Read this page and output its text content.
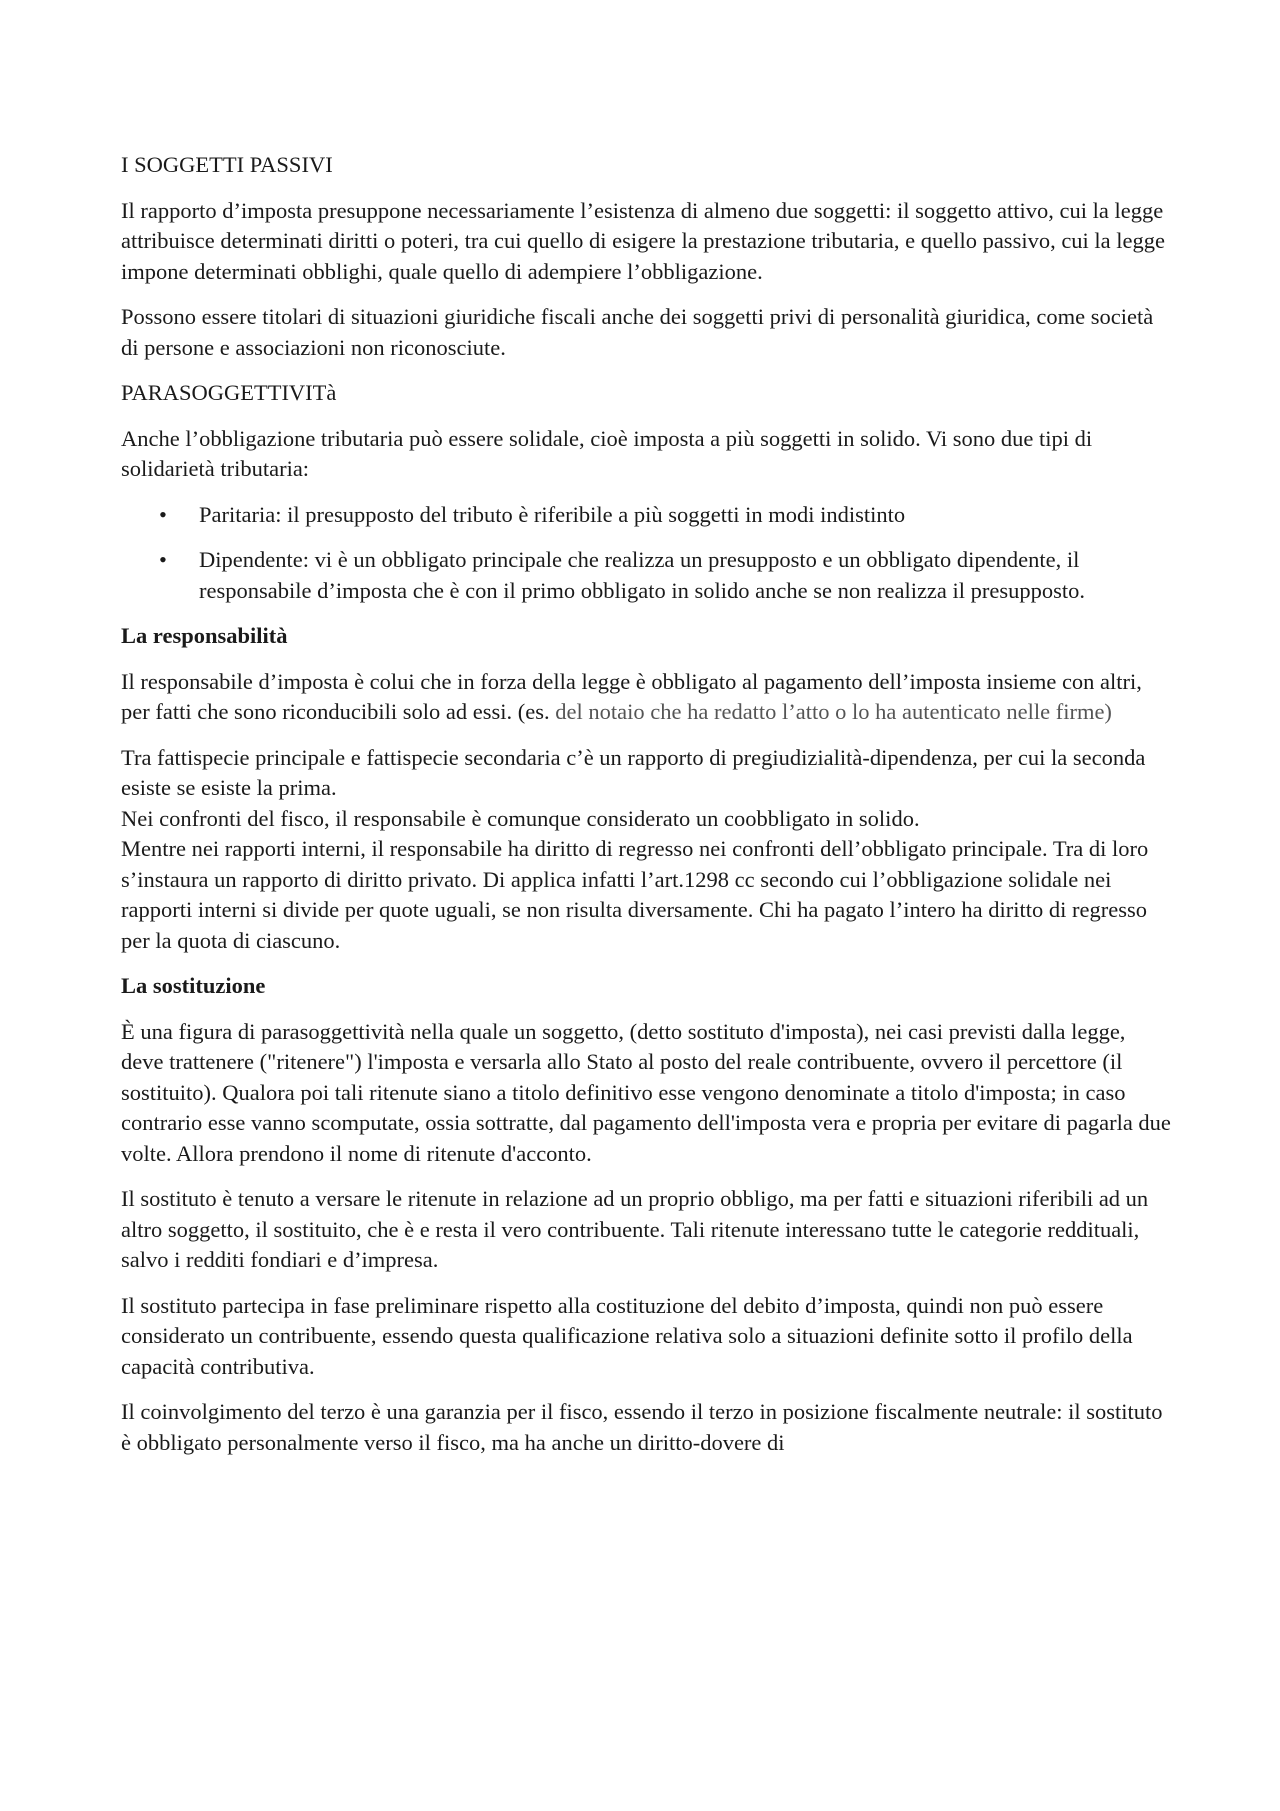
I SOGGETTI PASSIVI

Il rapporto d’imposta presuppone necessariamente l’esistenza di almeno due soggetti: il soggetto attivo, cui la legge attribuisce determinati diritti o poteri, tra cui quello di esigere la prestazione tributaria, e quello passivo, cui la legge impone determinati obblighi, quale quello di adempiere l’obbligazione.

Possono essere titolari di situazioni giuridiche fiscali anche dei soggetti privi di personalità giuridica, come società di persone e associazioni non riconosciute.

PARASOGGETTIVITà

Anche l’obbligazione tributaria può essere solidale, cioè imposta a più soggetti in solido. Vi sono due tipi di solidarietà tributaria:

• Paritaria: il presupposto del tributo è riferibile a più soggetti in modi indistinto
• Dipendente: vi è un obbligato principale che realizza un presupposto e un obbligato dipendente, il responsabile d’imposta che è con il primo obbligato in solido anche se non realizza il presupposto.

La responsabilità

Il responsabile d’imposta è colui che in forza della legge è obbligato al pagamento dell’imposta insieme con altri, per fatti che sono riconducibili solo ad essi. (es. del notaio che ha redatto l’atto o lo ha autenticato nelle firme)

Tra fattispecie principale e fattispecie secondaria c’è un rapporto di pregiudizialità-dipendenza, per cui la seconda esiste se esiste la prima.

Nei confronti del fisco, il responsabile è comunque considerato un coobbligato in solido.

Mentre nei rapporti interni, il responsabile ha diritto di regresso nei confronti dell’obbligato principale. Tra di loro s’instaura un rapporto di diritto privato. Di applica infatti l’art.1298 cc secondo cui l’obbligazione solidale nei rapporti interni si divide per quote uguali, se non risulta diversamente. Chi ha pagato l’intero ha diritto di regresso per la quota di ciascuno.

La sostituzione

È una figura di parasoggettività nella quale un soggetto, (detto sostituto d'imposta), nei casi previsti dalla legge, deve trattenere ("ritenere") l'imposta e versarla allo Stato al posto del reale contribuente, ovvero il percettore (il sostituito). Qualora poi tali ritenute siano a titolo definitivo esse vengono denominate a titolo d'imposta; in caso contrario esse vanno scomputate, ossia sottratte, dal pagamento dell'imposta vera e propria per evitare di pagarla due volte. Allora prendono il nome di ritenute d'acconto.

Il sostituto è tenuto a versare le ritenute in relazione ad un proprio obbligo, ma per fatti e situazioni riferibili ad un altro soggetto, il sostituito, che è e resta il vero contribuente. Tali ritenute interessano tutte le categorie reddituali, salvo i redditi fondiari e d’impresa.

Il sostituto partecipa in fase preliminare rispetto alla costituzione del debito d’imposta, quindi non può essere considerato un contribuente, essendo questa qualificazione relativa solo a situazioni definite sotto il profilo della capacità contributiva.

Il coinvolgimento del terzo è una garanzia per il fisco, essendo il terzo in posizione fiscalmente neutrale: il sostituto è obbligato personalmente verso il fisco, ma ha anche un diritto-dovere di
